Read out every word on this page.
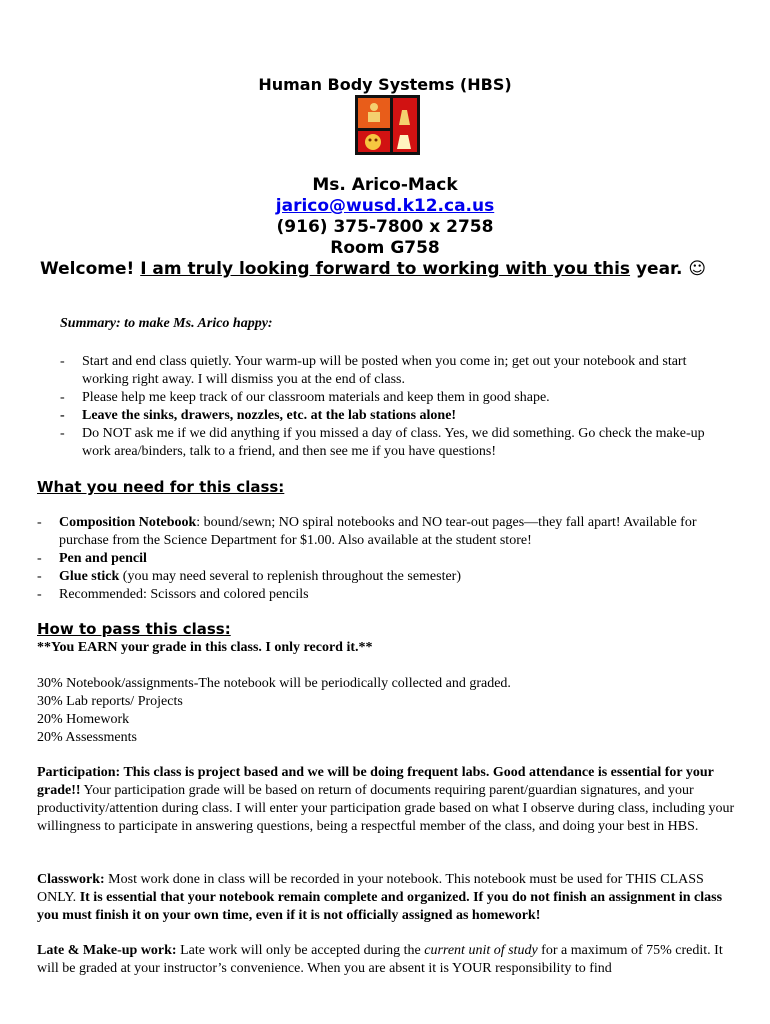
Human Body Systems (HBS)
Ms. Arico-Mack
jarico@wusd.k12.ca.us
(916) 375-7800 x 2758
Room G758
Welcome! I am truly looking forward to working with you this year. ☺
Summary: to make Ms. Arico happy:
- Start and end class quietly. Your warm-up will be posted when you come in; get out your notebook and start working right away. I will dismiss you at the end of class.
- Please help me keep track of our classroom materials and keep them in good shape.
- Leave the sinks, drawers, nozzles, etc. at the lab stations alone!
- Do NOT ask me if we did anything if you missed a day of class. Yes, we did something. Go check the make-up work area/binders, talk to a friend, and then see me if you have questions!
What you need for this class:
- Composition Notebook: bound/sewn; NO spiral notebooks and NO tear-out pages—they fall apart! Available for purchase from the Science Department for $1.00. Also available at the student store!
- Pen and pencil
- Glue stick (you may need several to replenish throughout the semester)
- Recommended: Scissors and colored pencils
How to pass this class:
**You EARN your grade in this class. I only record it.**
30% Notebook/assignments-The notebook will be periodically collected and graded.
30% Lab reports/ Projects
20% Homework
20% Assessments
Participation: This class is project based and we will be doing frequent labs. Good attendance is essential for your grade!! Your participation grade will be based on return of documents requiring parent/guardian signatures, and your productivity/attention during class. I will enter your participation grade based on what I observe during class, including your willingness to participate in answering questions, being a respectful member of the class, and doing your best in HBS.
Classwork: Most work done in class will be recorded in your notebook. This notebook must be used for THIS CLASS ONLY. It is essential that your notebook remain complete and organized. If you do not finish an assignment in class you must finish it on your own time, even if it is not officially assigned as homework!
Late & Make-up work: Late work will only be accepted during the current unit of study for a maximum of 75% credit. It will be graded at your instructor’s convenience. When you are absent it is YOUR responsibility to find
